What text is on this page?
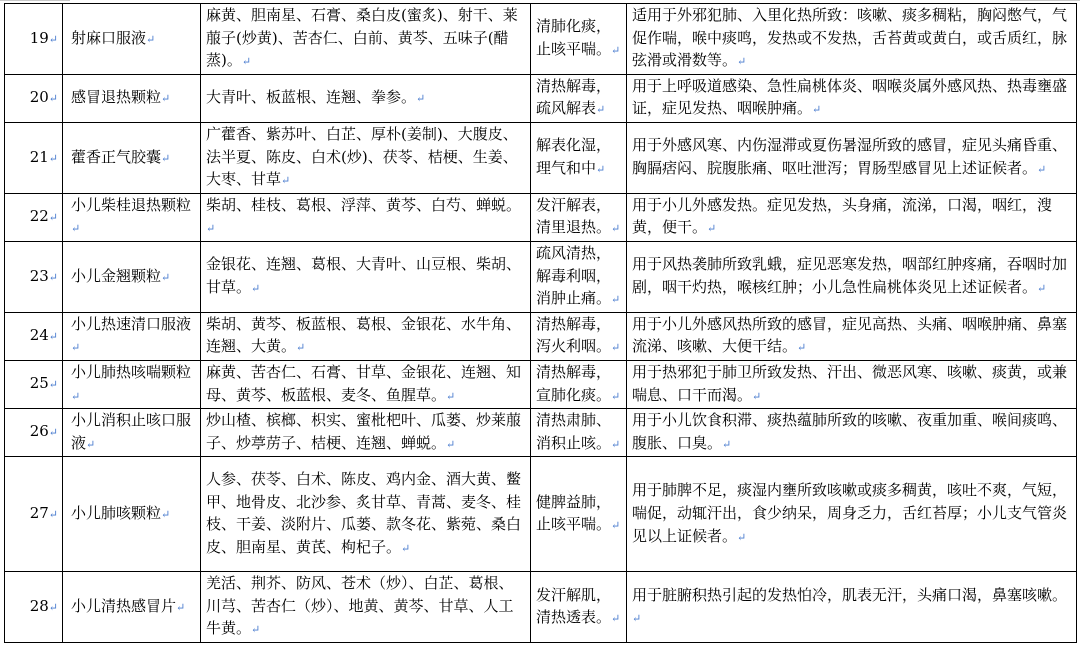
19↵	射麻口服液↵	麻黄、胆南星、石膏、桑白皮(蜜炙)、射干、莱菔子(炒黄)、苦杏仁、白前、黄芩、五味子(醋蒸)。↵	清肺化痰，止咳平喘。↵	适用于外邪犯肺、入里化热所致：咳嗽、痰多稠粘，胸闷憋气，气促作喘，喉中痰鸣，发热或不发热，舌苔黄或黄白，或舌质红，脉弦滑或滑数等。↵
20↵	感冒退热颗粒↵	大青叶、板蓝根、连翘、拳参。↵	清热解毒，疏风解表↵	用于上呼吸道感染、急性扁桃体炎、咽喉炎属外感风热、热毒壅盛证，症见发热、咽喉肿痛。↵
21↵	藿香正气胶囊↵	广藿香、紫苏叶、白芷、厚朴(姜制)、大腹皮、法半夏、陈皮、白术(炒)、茯苓、桔梗、生姜、大枣、甘草↵	解表化湿，理气和中↵	用于外感风寒、内伤湿滞或夏伤暑湿所致的感冒，症见头痛昏重、胸膈痞闷、脘腹胀痛、呕吐泄泻；胃肠型感冒见上述证候者。↵
22↵	小儿柴桂退热颗粒↵	柴胡、桂枝、葛根、浮萍、黄芩、白芍、蝉蜕。↵	发汗解表，清里退热。↵	用于小儿外感发热。症见发热，头身痛，流涕，口渴，咽红，溲黄，便干。↵
23↵	小儿金翘颗粒↵	金银花、连翘、葛根、大青叶、山豆根、柴胡、甘草。↵	疏风清热，解毒利咽，消肿止痛。↵	用于风热袭肺所致乳蛾，症见恶寒发热，咽部红肿疼痛，吞咽时加剧，咽干灼热，喉核红肿；小儿急性扁桃体炎见上述证候者。↵
24↵	小儿热速清口服液↵	柴胡、黄芩、板蓝根、葛根、金银花、水牛角、连翘、大黄。↵	清热解毒，泻火利咽。↵	用于小儿外感风热所致的感冒，症见高热、头痛、咽喉肿痛、鼻塞流涕、咳嗽、大便干结。↵
25↵	小儿肺热咳喘颗粒↵	麻黄、苦杏仁、石膏、甘草、金银花、连翘、知母、黄芩、板蓝根、麦冬、鱼腥草。↵	清热解毒，宣肺化痰。↵	用于热邪犯于肺卫所致发热、汗出、微恶风寒、咳嗽、痰黄，或兼喘息、口干而渴。↵
26↵	小儿消积止咳口服液↵	炒山楂、槟榔、枳实、蜜枇杷叶、瓜蒌、炒莱菔子、炒葶苈子、桔梗、连翘、蝉蜕。↵	清热肃肺、消积止咳。↵	用于小儿饮食积滞、痰热蕴肺所致的咳嗽、夜重加重、喉间痰鸣、腹胀、口臭。↵
27↵	小儿肺咳颗粒↵	人参、茯苓、白术、陈皮、鸡内金、酒大黄、鳖甲、地骨皮、北沙参、炙甘草、青蒿、麦冬、桂枝、干姜、淡附片、瓜蒌、款冬花、紫菀、桑白皮、胆南星、黄芪、枸杞子。↵	健脾益肺，止咳平喘。↵	用于肺脾不足，痰湿内壅所致咳嗽或痰多稠黄，咳吐不爽，气短，喘促，动辄汗出，食少纳呆，周身乏力，舌红苔厚；小儿支气管炎见以上证候者。↵
28↵	小儿清热感冒片↵	羌活、荆芥、防风、苍术（炒）、白芷、葛根、川芎、苦杏仁（炒）、地黄、黄芩、甘草、人工牛黄。↵	发汗解肌，清热透表。↵	用于脏腑积热引起的发热怕冷，肌表无汗，头痛口渴，鼻塞咳嗽。↵
